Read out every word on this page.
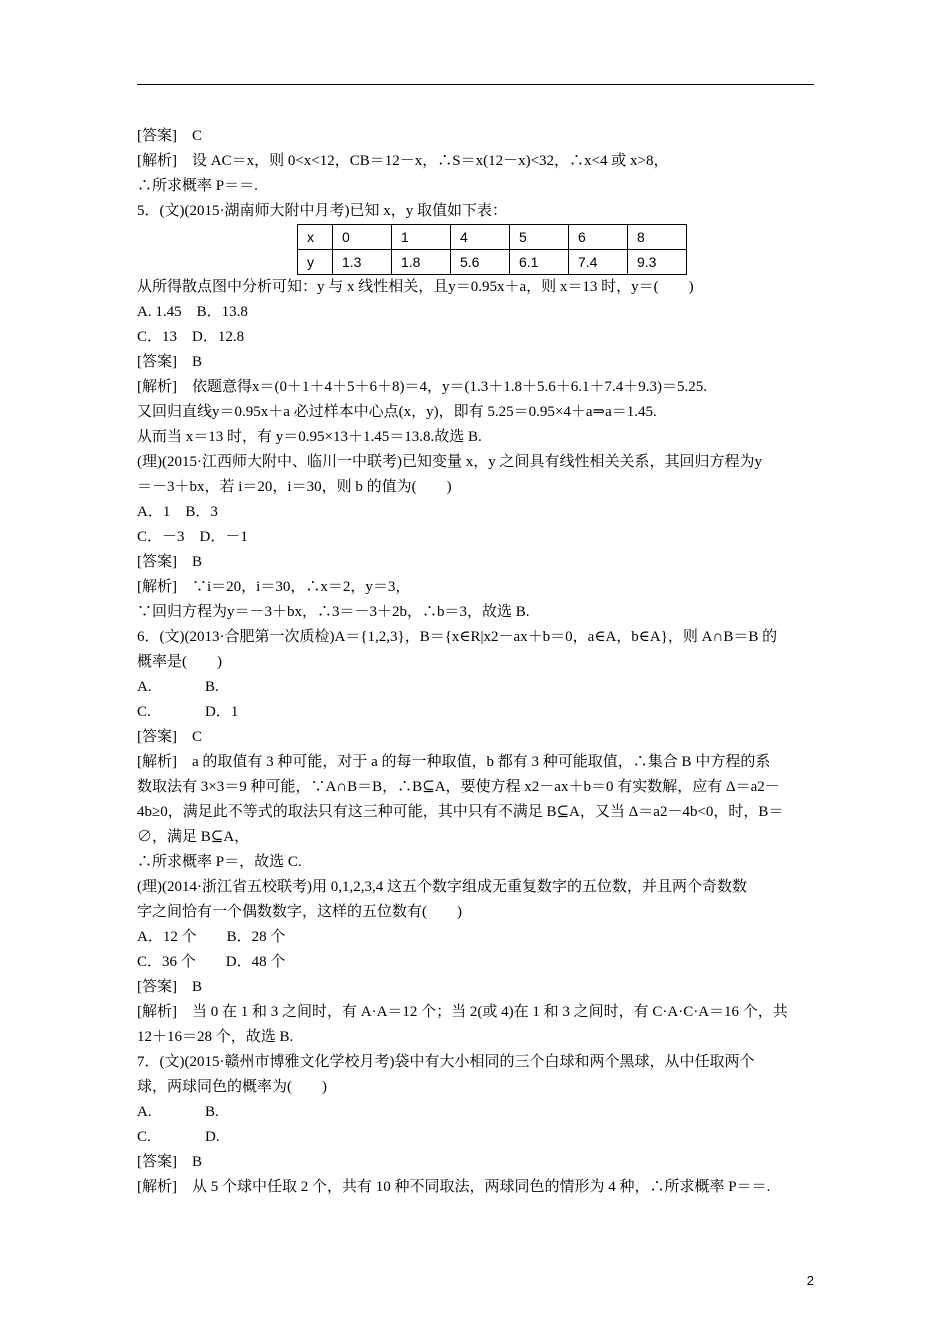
[答案]　C
[解析]　设 AC＝x，则 0<x<12，CB＝12－x，∴S＝x(12－x)<32，∴x<4 或 x>8，
∴所求概率 P＝＝.
5．(文)(2015·湖南师大附中月考)已知 x，y 取值如下表：
x	0	1	4	5	6	8
y	1.3	1.8	5.6	6.1	7.4	9.3
从所得散点图中分析可知：y 与 x 线性相关，且y＝0.95x＋a，则 x＝13 时，y＝(　　)
A. 1.45　B．13.8
C．13　D．12.8
[答案]　B
[解析]　依题意得x＝(0＋1＋4＋5＋6＋8)＝4，y＝(1.3＋1.8＋5.6＋6.1＋7.4＋9.3)＝5.25.
又回归直线y＝0.95x＋a 必过样本中心点(x，y)，即有 5.25＝0.95×4＋a⇒a＝1.45.
从而当 x＝13 时，有 y＝0.95×13＋1.45＝13.8.故选 B.
(理)(2015·江西师大附中、临川一中联考)已知变量 x，y 之间具有线性相关关系，其回归方程为y
＝－3＋bx，若 i＝20，i＝30，则 b 的值为(　　)
A．1　B．3
C．－3　D．－1
[答案]　B
[解析]　∵i＝20，i＝30，∴x＝2，y＝3，
∵回归方程为y＝－3＋bx，∴3＝－3＋2b，∴b＝3，故选 B.
6．(文)(2013·合肥第一次质检)A＝{1,2,3}，B＝{x∈R|x2－ax＋b＝0，a∈A，b∈A}，则 A∩B＝B 的
概率是(　　)
A.	B.
C.	D．1
[答案]　C
[解析]　a 的取值有 3 种可能，对于 a 的每一种取值，b 都有 3 种可能取值，∴集合 B 中方程的系
数取法有 3×3＝9 种可能，∵A∩B＝B，∴B⊆A，要使方程 x2－ax＋b＝0 有实数解，应有 Δ＝a2－
4b≥0，满足此不等式的取法只有这三种可能，其中只有不满足 B⊆A，又当 Δ＝a2－4b<0，时，B＝
∅，满足 B⊆A，
∴所求概率 P＝，故选 C.
(理)(2014·浙江省五校联考)用 0,1,2,3,4 这五个数字组成无重复数字的五位数，并且两个奇数数
字之间恰有一个偶数数字，这样的五位数有(　　)
A．12 个　　B．28 个
C．36 个　　D．48 个
[答案]　B
[解析]　当 0 在 1 和 3 之间时，有 A·A＝12 个；当 2(或 4)在 1 和 3 之间时，有 C·A·C·A＝16 个，共
12＋16＝28 个，故选 B.
7．(文)(2015·赣州市博雅文化学校月考)袋中有大小相同的三个白球和两个黑球，从中任取两个
球，两球同色的概率为(　　)
A.	B.
C.	D.
[答案]　B
[解析]　从 5 个球中任取 2 个，共有 10 种不同取法，两球同色的情形为 4 种，∴所求概率 P＝＝.
2
